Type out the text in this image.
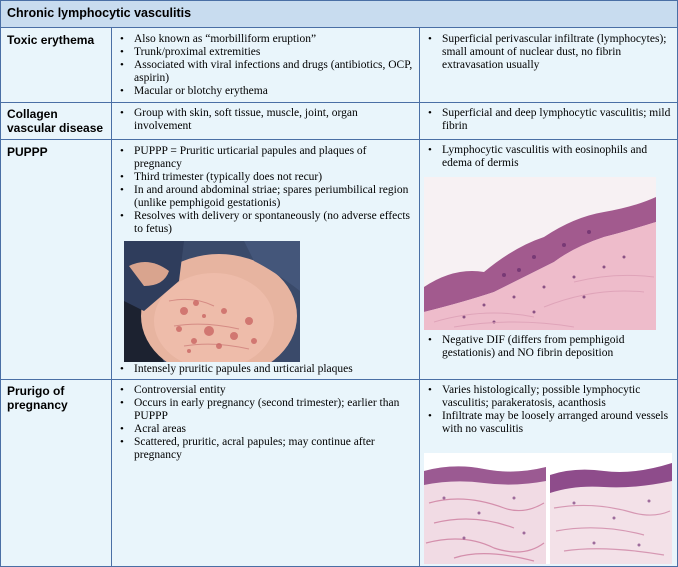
Chronic lymphocytic vasculitis
Toxic erythema	• Also known as “morbilliform eruption”
• Trunk/proximal extremities
• Associated with viral infections and drugs (antibiotics, OCP, aspirin)
• Macular or blotchy erythema
• Superficial perivascular infiltrate (lymphocytes); small amount of nuclear dust, no fibrin extravasation usually
Collagen vascular disease
• Group with skin, soft tissue, muscle, joint, organ involvement
• Superficial and deep lymphocytic vasculitis; mild fibrin
PUPPP	• PUPPP = Pruritic urticarial papules and plaques of pregnancy
• Third trimester (typically does not recur)
• In and around abdominal striae; spares periumbilical region (unlike pemphigoid gestationis)
• Resolves with delivery or spontaneously (no adverse effects to fetus)
• Intensely pruritic papules and urticarial plaques
• Lymphocytic vasculitis with eosinophils and edema of dermis
• Negative DIF (differs from pemphigoid gestationis) and NO fibrin deposition
Prurigo of pregnancy
• Controversial entity
• Occurs in early pregnancy (second trimester); earlier than PUPPP
• Acral areas
• Scattered, pruritic, acral papules; may continue after pregnancy
• Varies histologically; possible lymphocytic vasculitis; parakeratosis, acanthosis
• Infiltrate may be loosely arranged around vessels with no vasculitis
